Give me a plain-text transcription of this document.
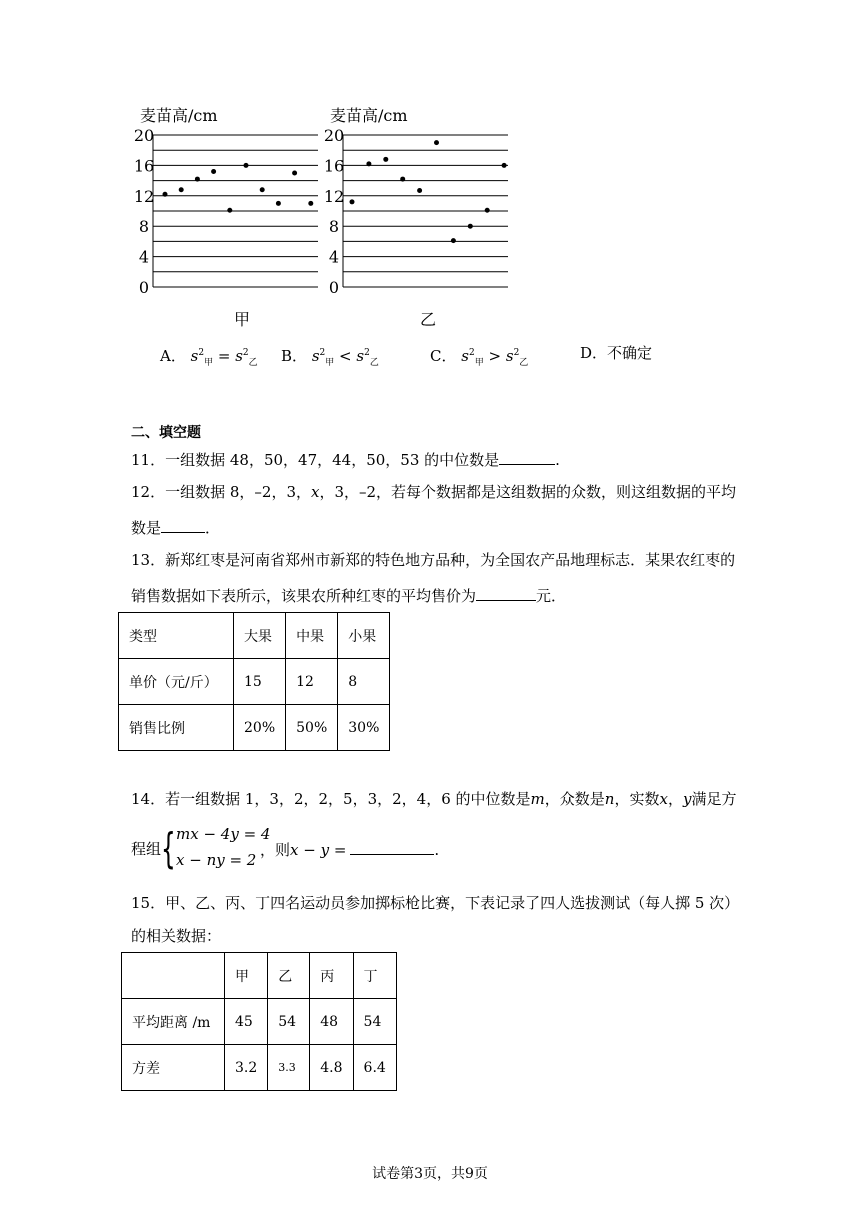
0
4
8
12
16
20
麦苗高/cm
甲
0
4
8
12
16
20
麦苗高/cm
乙
A． $s^2_甲 = s^2_乙$ B． $s^2_甲 < s^2_乙$	C． $s^2_甲 > s^2_乙$
D．不确定
二、填空题
11．一组数据 48，50，47，44，50，53 的中位数是	.
12．一组数据 8，–2，3，x，3，–2，若每个数据都是这组数据的众数，则这组数据的平均
数是	．
13．新郑红枣是河南省郑州市新郑的特色地方品种，为全国农产品地理标志．某果农红枣的
销售数据如下表所示，该果农所种红枣的平均售价为	元．
类型	大果	中果	小果
单价（元/斤）	15	12	8
销售比例	20%	50%	30%
14．若一组数据 1，3，2，2，5，3，2，4，6 的中位数是m，众数是n，实数x，y满足方
程组 { mx − 4y = 4
x − ny = 2
，则x − y =	.
15．甲、乙、丙、丁四名运动员参加掷标枪比赛，下表记录了四人选拔测试（每人掷 5 次）
的相关数据：
	甲	乙	丙	丁
平均距离 /m	45	54	48	54
方差	3.2	3.3	4.8	6.4
试卷第3页，共9页
